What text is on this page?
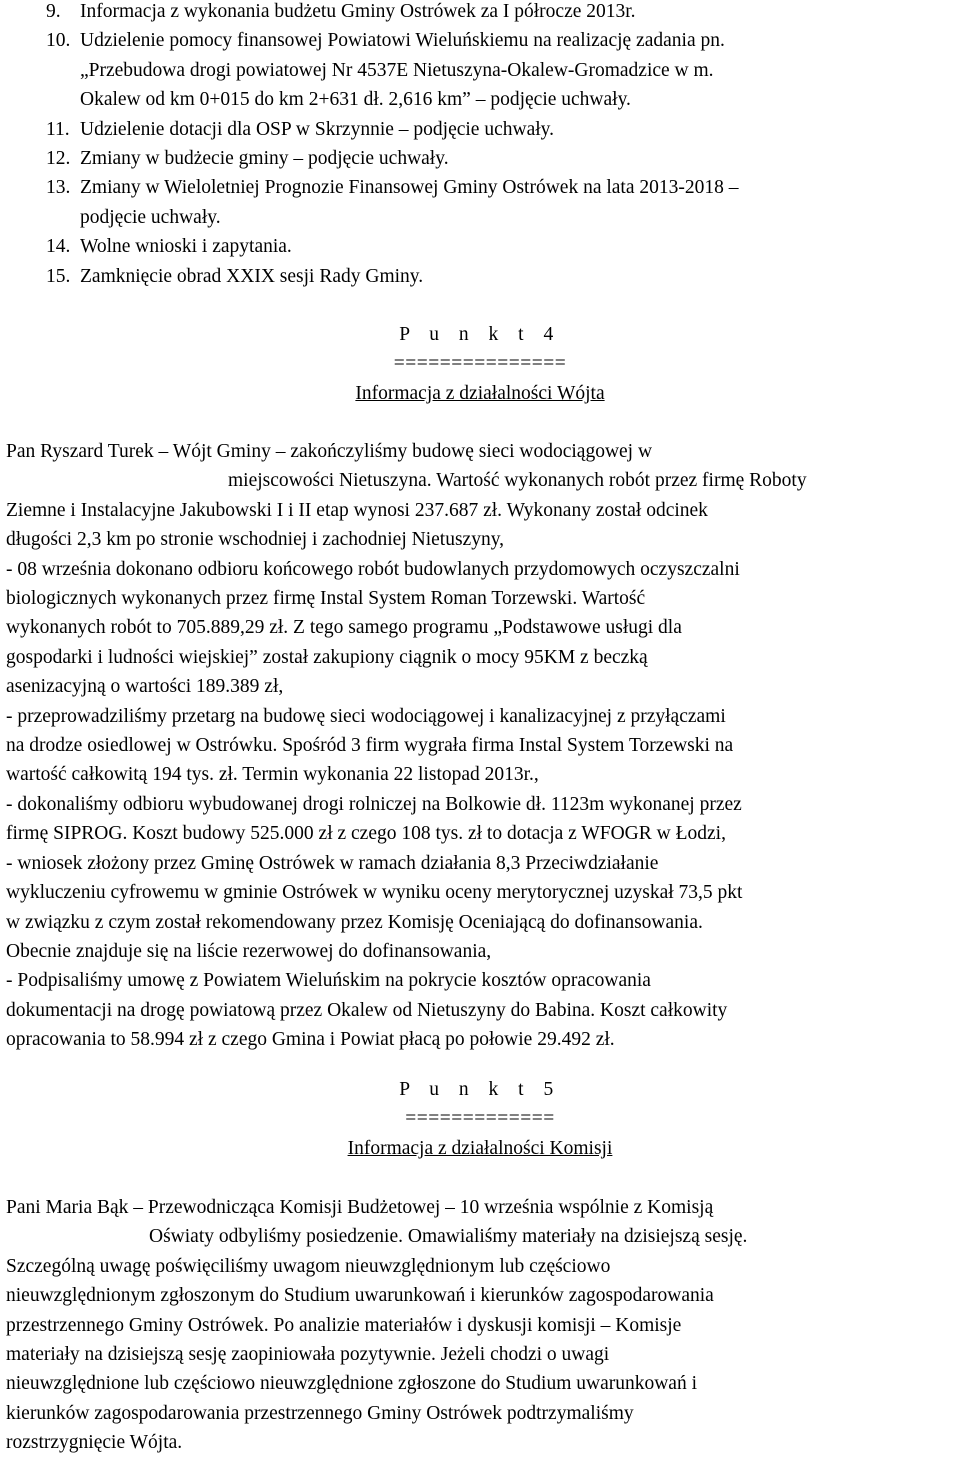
9. Informacja z wykonania budżetu Gminy Ostrówek za I półrocze 2013r.
10. Udzielenie pomocy finansowej Powiatowi Wieluńskiemu na realizację zadania pn.
„Przebudowa drogi powiatowej Nr 4537E Nietuszyna-Okalew-Gromadzice w m.
Okalew od km 0+015 do km 2+631 dł. 2,616 km” – podjęcie uchwały.
11. Udzielenie dotacji dla OSP w Skrzynnie – podjęcie uchwały.
12. Zmiany w budżecie gminy – podjęcie uchwały.
13. Zmiany w Wieloletniej Prognozie Finansowej Gminy Ostrówek na lata 2013-2018 –
podjęcie uchwały.
14. Wolne wnioski i zapytania.
15. Zamknięcie obrad XXIX sesji Rady Gminy.
P u n k t 4
===============
Informacja z działalności Wójta

Pan Ryszard Turek – Wójt Gminy – zakończyliśmy budowę sieci wodociągowej w

miejscowości Nietuszyna. Wartość wykonanych robót przez firmę Roboty

Ziemne i Instalacyjne Jakubowski I i II etap wynosi 237.687 zł. Wykonany został odcinek

długości 2,3 km po stronie wschodniej i zachodniej Nietuszyny,

- 08 września dokonano odbioru końcowego robót budowlanych przydomowych oczyszczalni

biologicznych wykonanych przez firmę Instal System Roman Torzewski. Wartość

wykonanych robót to 705.889,29 zł. Z tego samego programu „Podstawowe usługi dla

gospodarki i ludności wiejskiej” został zakupiony ciągnik o mocy 95KM z beczką

asenizacyjną o wartości 189.389 zł,

- przeprowadziliśmy przetarg na budowę sieci wodociągowej i kanalizacyjnej z przyłączami

na drodze osiedlowej w Ostrówku. Spośród 3 firm wygrała firma Instal System Torzewski na

wartość całkowitą 194 tys. zł. Termin wykonania 22 listopad 2013r.,

- dokonaliśmy odbioru wybudowanej drogi rolniczej na Bolkowie dł. 1123m wykonanej przez

firmę SIPROG. Koszt budowy 525.000 zł z czego 108 tys. zł to dotacja z WFOGR w Łodzi,

- wniosek złożony przez Gminę Ostrówek w ramach działania 8,3 Przeciwdziałanie

wykluczeniu cyfrowemu w gminie Ostrówek w wyniku oceny merytorycznej uzyskał 73,5 pkt

w związku z czym został rekomendowany przez Komisję Oceniającą do dofinansowania.

Obecnie znajduje się na liście rezerwowej do dofinansowania,

- Podpisaliśmy umowę z Powiatem Wieluńskim na pokrycie kosztów opracowania

dokumentacji na drogę powiatową przez Okalew od Nietuszyny do Babina. Koszt całkowity

opracowania to 58.994 zł z czego Gmina i Powiat płacą po połowie 29.492 zł.

P u n k t 5
=============
Informacja z działalności Komisji

Pani Maria Bąk – Przewodnicząca Komisji Budżetowej – 10 września wspólnie z Komisją

Oświaty odbyliśmy posiedzenie. Omawialiśmy materiały na dzisiejszą sesję.

Szczególną uwagę poświęciliśmy uwagom nieuwzględnionym lub częściowo

nieuwzględnionym zgłoszonym do Studium uwarunkowań i kierunków zagospodarowania

przestrzennego Gminy Ostrówek. Po analizie materiałów i dyskusji komisji – Komisje

materiały na dzisiejszą sesję zaopiniowała pozytywnie. Jeżeli chodzi o uwagi

nieuwzględnione lub częściowo nieuwzględnione zgłoszone do Studium uwarunkowań i

kierunków zagospodarowania przestrzennego Gminy Ostrówek podtrzymaliśmy

rozstrzygnięcie Wójta.
